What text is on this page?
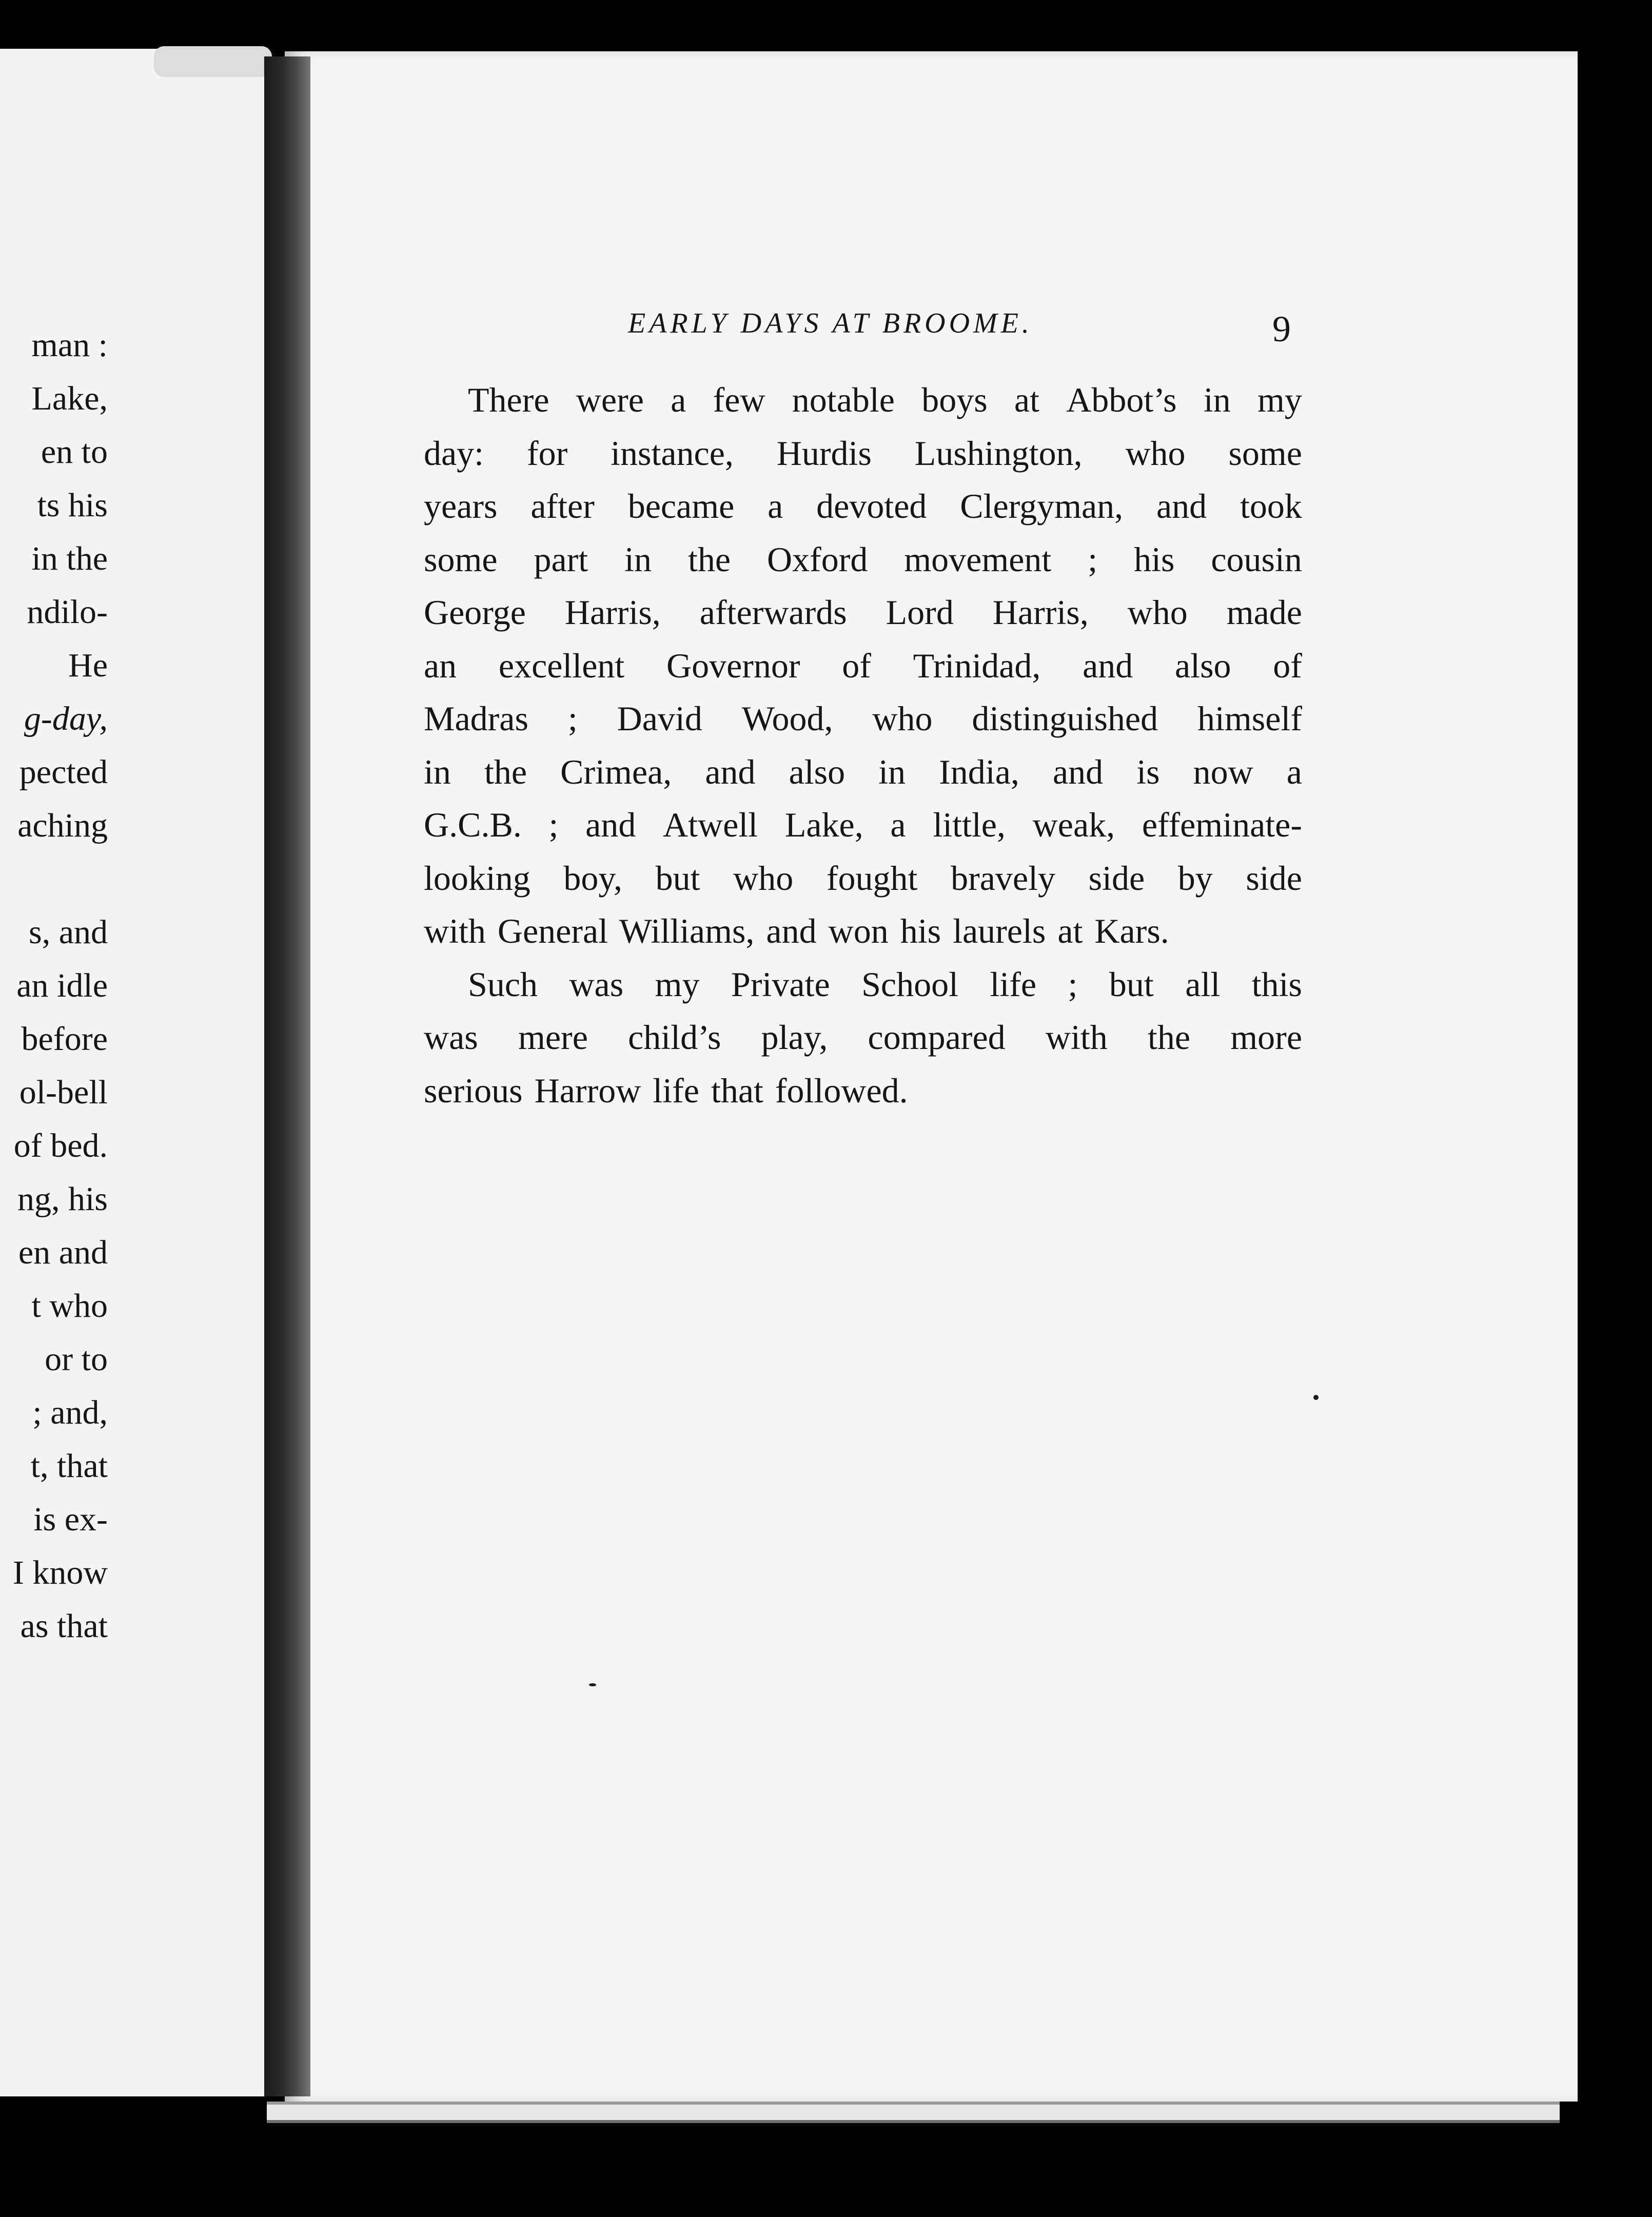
man :
Lake,
en to
ts his
in the
ndilo-
He
g-day,
pected
aching
s, and
an idle
before
ol-bell
of bed.
ng, his
en and
t who
or to
; and,
t, that
is ex-
I know
as that
EARLY DAYS AT BROOME.	9
There were a few notable boys at Abbot’s in my
day: for instance, Hurdis Lushington, who some
years after became a devoted Clergyman, and took
some part in the Oxford movement ; his cousin
George Harris, afterwards Lord Harris, who made
an excellent Governor of Trinidad, and also of
Madras ; David Wood, who distinguished himself
in the Crimea, and also in India, and is now a
G.C.B. ; and Atwell Lake, a little, weak, effeminate-
looking boy, but who fought bravely side by side
with General Williams, and won his laurels at Kars.
Such was my Private School life ; but all this
was mere child’s play, compared with the more
serious Harrow life that followed.
